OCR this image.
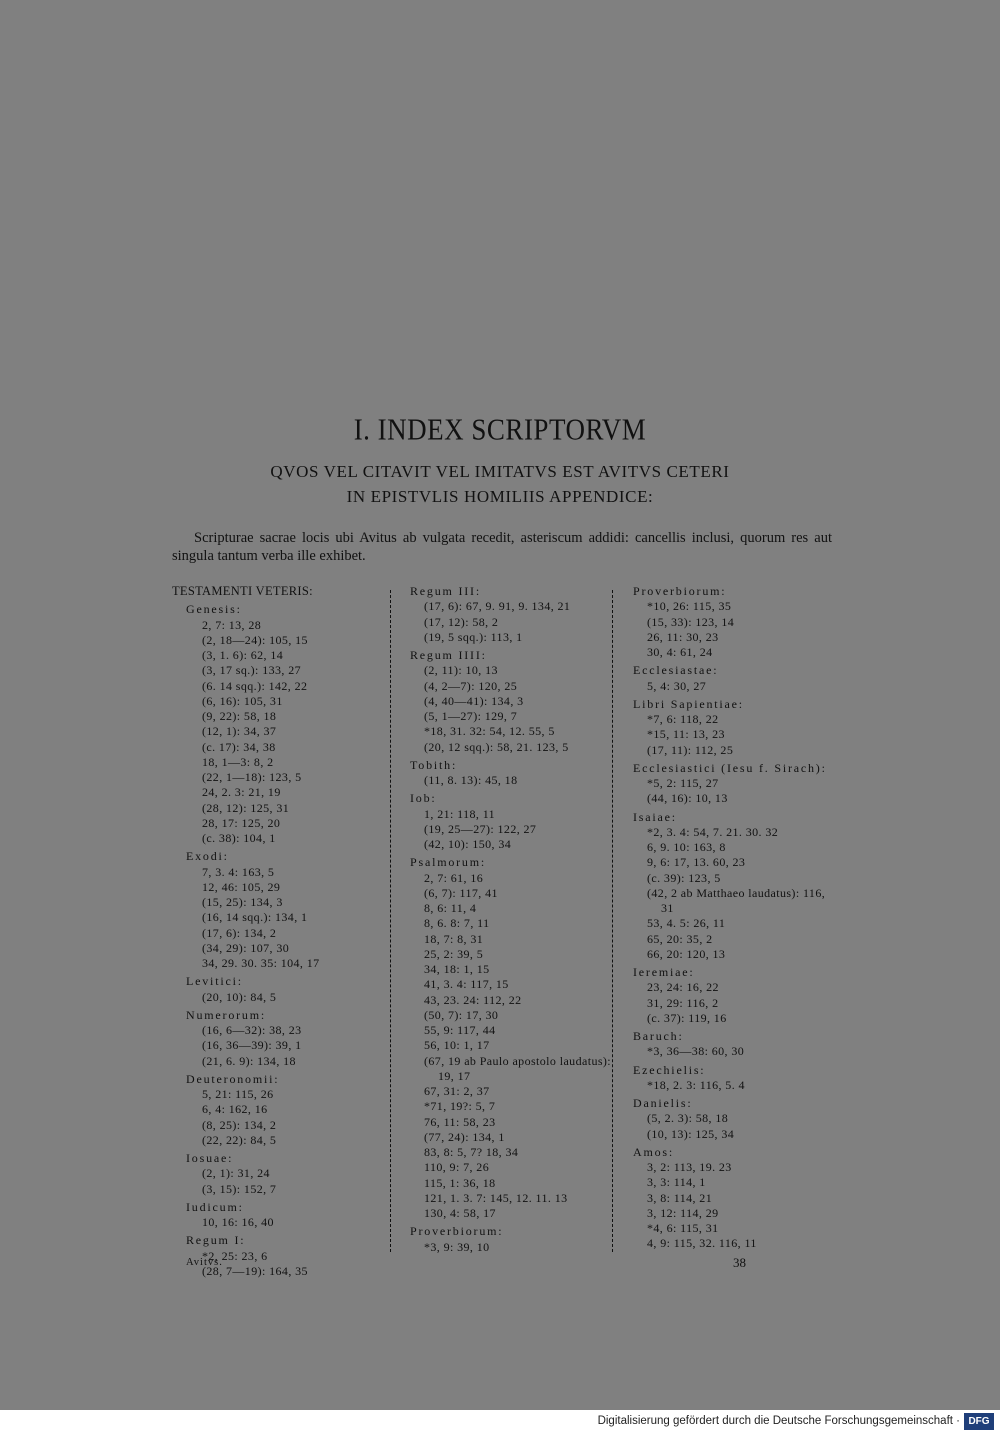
I. INDEX SCRIPTORVM
QVOS VEL CITAVIT VEL IMITATVS EST AVITVS CETERI
IN EPISTVLIS HOMILIIS APPENDICE:

Scripturae sacrae locis ubi Avitus ab vulgata recedit, asteriscum addidi: cancellis inclusi, quorum res aut singula tantum verba ille exhibet.

TESTAMENTI VETERIS:
Genesis:
2, 7: 13, 28
(2, 18—24): 105, 15
(3, 1. 6): 62, 14
(3, 17 sq.): 133, 27
(6. 14 sqq.): 142, 22
(6, 16): 105, 31
(9, 22): 58, 18
(12, 1): 34, 37
(c. 17): 34, 38
18, 1—3: 8, 2
(22, 1—18): 123, 5
24, 2. 3: 21, 19
(28, 12): 125, 31
28, 17: 125, 20
(c. 38): 104, 1
Exodi:
7, 3. 4: 163, 5
12, 46: 105, 29
(15, 25): 134, 3
(16, 14 sqq.): 134, 1
(17, 6): 134, 2
(34, 29): 107, 30
34, 29. 30. 35: 104, 17
Levitici:
(20, 10): 84, 5
Numerorum:
(16, 6—32): 38, 23
(16, 36—39): 39, 1
(21, 6. 9): 134, 18
Deuteronomii:
5, 21: 115, 26
6, 4: 162, 16
(8, 25): 134, 2
(22, 22): 84, 5
Iosuae:
(2, 1): 31, 24
(3, 15): 152, 7
Iudicum:
10, 16: 16, 40
Regum I:
*2, 25: 23, 6
(28, 7—19): 164, 35
Regum III:
(17, 6): 67, 9. 91, 9. 134, 21
(17, 12): 58, 2
(19, 5 sqq.): 113, 1
Regum IIII:
(2, 11): 10, 13
(4, 2—7): 120, 25
(4, 40—41): 134, 3
(5, 1—27): 129, 7
*18, 31. 32: 54, 12. 55, 5
(20, 12 sqq.): 58, 21. 123, 5
Tobith:
(11, 8. 13): 45, 18
Iob:
1, 21: 118, 11
(19, 25—27): 122, 27
(42, 10): 150, 34
Psalmorum:
2, 7: 61, 16
(6, 7): 117, 41
8, 6: 11, 4
8, 6. 8: 7, 11
18, 7: 8, 31
25, 2: 39, 5
34, 18: 1, 15
41, 3. 4: 117, 15
43, 23. 24: 112, 22
(50, 7): 17, 30
55, 9: 117, 44
56, 10: 1, 17
(67, 19 ab Paulo apostolo laudatus): 19, 17
67, 31: 2, 37
*71, 19?: 5, 7
76, 11: 58, 23
(77, 24): 134, 1
83, 8: 5, 7? 18, 34
110, 9: 7, 26
115, 1: 36, 18
121, 1. 3. 7: 145, 12. 11. 13
130, 4: 58, 17
Proverbiorum:
*3, 9: 39, 10
Proverbiorum:
*10, 26: 115, 35
(15, 33): 123, 14
26, 11: 30, 23
30, 4: 61, 24
Ecclesiastae:
5, 4: 30, 27
Libri Sapientiae:
*7, 6: 118, 22
*15, 11: 13, 23
(17, 11): 112, 25
Ecclesiastici (Iesu f. Sirach):
*5, 2: 115, 27
(44, 16): 10, 13
Isaiae:
*2, 3. 4: 54, 7. 21. 30. 32
6, 9. 10: 163, 8
9, 6: 17, 13. 60, 23
(c. 39): 123, 5
(42, 2 ab Matthaeo laudatus): 116, 31
53, 4. 5: 26, 11
65, 20: 35, 2
66, 20: 120, 13
Ieremiae:
23, 24: 16, 22
31, 29: 116, 2
(c. 37): 119, 16
Baruch:
*3, 36—38: 60, 30
Ezechielis:
*18, 2. 3: 116, 5. 4
Danielis:
(5, 2. 3): 58, 18
(10, 13): 125, 34
Amos:
3, 2: 113, 19. 23
3, 3: 114, 1
3, 8: 114, 21
3, 12: 114, 29
*4, 6: 115, 31
4, 9: 115, 32. 116, 11
Avitvs.	38
Digitalisierung gefördert durch die Deutsche Forschungsgemeinschaft · DFG
